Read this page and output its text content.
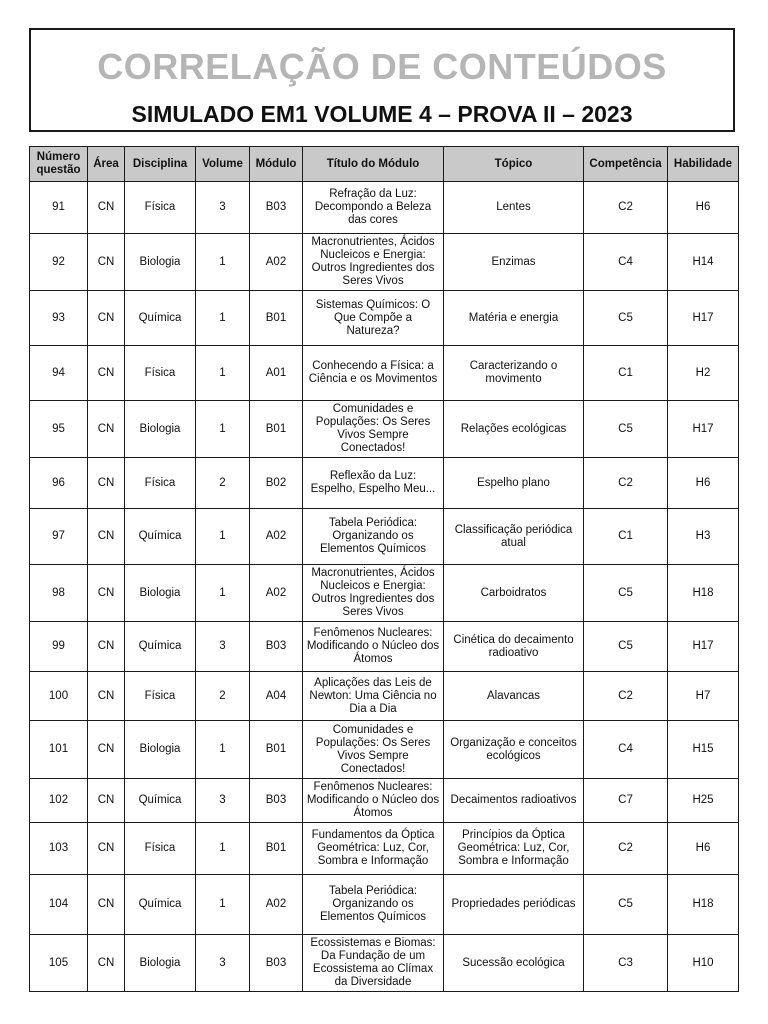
CORRELAÇÃO DE CONTEÚDOS
SIMULADO EM1 VOLUME 4 – PROVA II – 2023
Número questão	Área	Disciplina	Volume	Módulo	Título do Módulo	Tópico	Competência	Habilidade
91	CN	Física	3	B03	Refração da Luz: Decompondo a Beleza das cores	Lentes	C2	H6
92	CN	Biologia	1	A02	Macronutrientes, Ácidos Nucleicos e Energia: Outros Ingredientes dos Seres Vivos	Enzimas	C4	H14
93	CN	Química	1	B01	Sistemas Químicos: O Que Compõe a Natureza?	Matéria e energia	C5	H17
94	CN	Física	1	A01	Conhecendo a Física: a Ciência e os Movimentos	Caracterizando o movimento	C1	H2
95	CN	Biologia	1	B01	Comunidades e Populações: Os Seres Vivos Sempre Conectados!	Relações ecológicas	C5	H17
96	CN	Física	2	B02	Reflexão da Luz: Espelho, Espelho Meu...	Espelho plano	C2	H6
97	CN	Química	1	A02	Tabela Periódica: Organizando os Elementos Químicos	Classificação periódica atual	C1	H3
98	CN	Biologia	1	A02	Macronutrientes, Ácidos Nucleicos e Energia: Outros Ingredientes dos Seres Vivos	Carboidratos	C5	H18
99	CN	Química	3	B03	Fenômenos Nucleares: Modificando o Núcleo dos Átomos	Cinética do decaimento radioativo	C5	H17
100	CN	Física	2	A04	Aplicações das Leis de Newton: Uma Ciência no Dia a Dia	Alavancas	C2	H7
101	CN	Biologia	1	B01	Comunidades e Populações: Os Seres Vivos Sempre Conectados!	Organização e conceitos ecológicos	C4	H15
102	CN	Química	3	B03	Fenômenos Nucleares: Modificando o Núcleo dos Átomos	Decaimentos radioativos	C7	H25
103	CN	Física	1	B01	Fundamentos da Óptica Geométrica: Luz, Cor, Sombra e Informação	Princípios da Óptica Geométrica: Luz, Cor, Sombra e Informação	C2	H6
104	CN	Química	1	A02	Tabela Periódica: Organizando os Elementos Químicos	Propriedades periódicas	C5	H18
105	CN	Biologia	3	B03	Ecossistemas e Biomas: Da Fundação de um Ecossistema ao Clímax da Diversidade	Sucessão ecológica	C3	H10
